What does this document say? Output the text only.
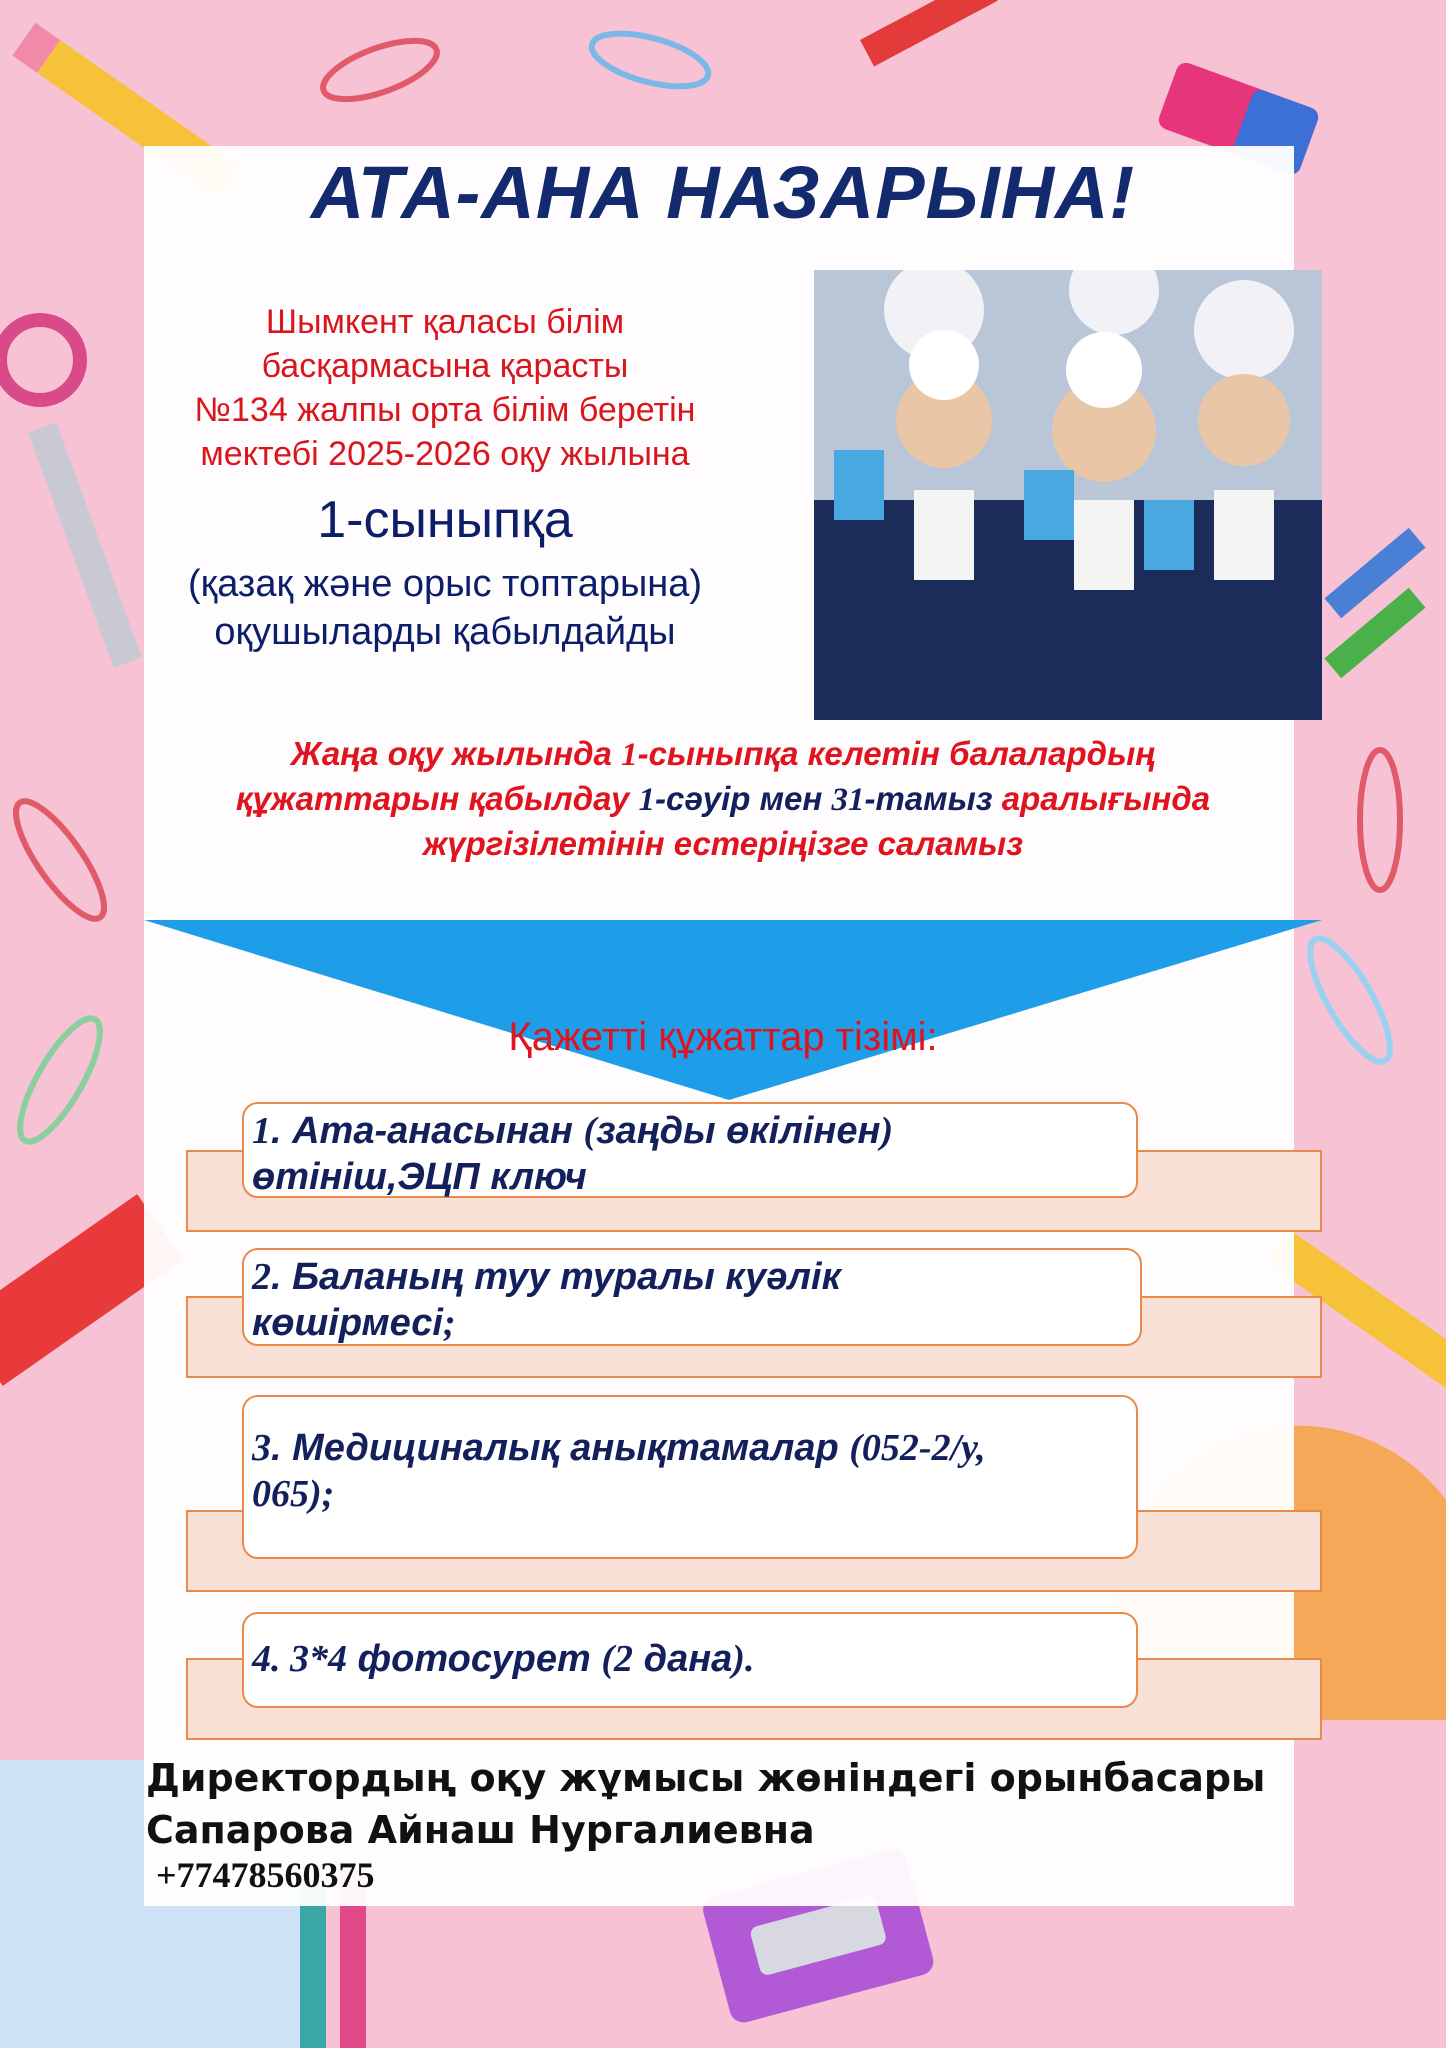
АТА-АНА НАЗАРЫНА!
Шымкент қаласы білім
басқармасына қарасты
№134 жалпы орта білім беретін
мектебі 2025-2026 оқу жылына
1-сыныпқа
(қазақ және орыс топтарына)
оқушыларды қабылдайды
Жаңа оқу жылында 1-сыныпқа келетін балалардың
құжаттарын қабылдау 1-сәуір мен 31-тамыз аралығында
жүргізілетінін естеріңізге саламыз
Қажетті құжаттар тізімі:
1. Ата-анасынан (заңды өкілінен)
өтініш,ЭЦП ключ
2. Баланың туу туралы куәлік
көшірмесі;
3. Медициналық анықтамалар (052-2/у,
065);
4. 3*4 фотосурет (2 дана).
Директордың оқу жұмысы жөніндегі орынбасары
Сапарова Айнаш Нургалиевна
+77478560375
